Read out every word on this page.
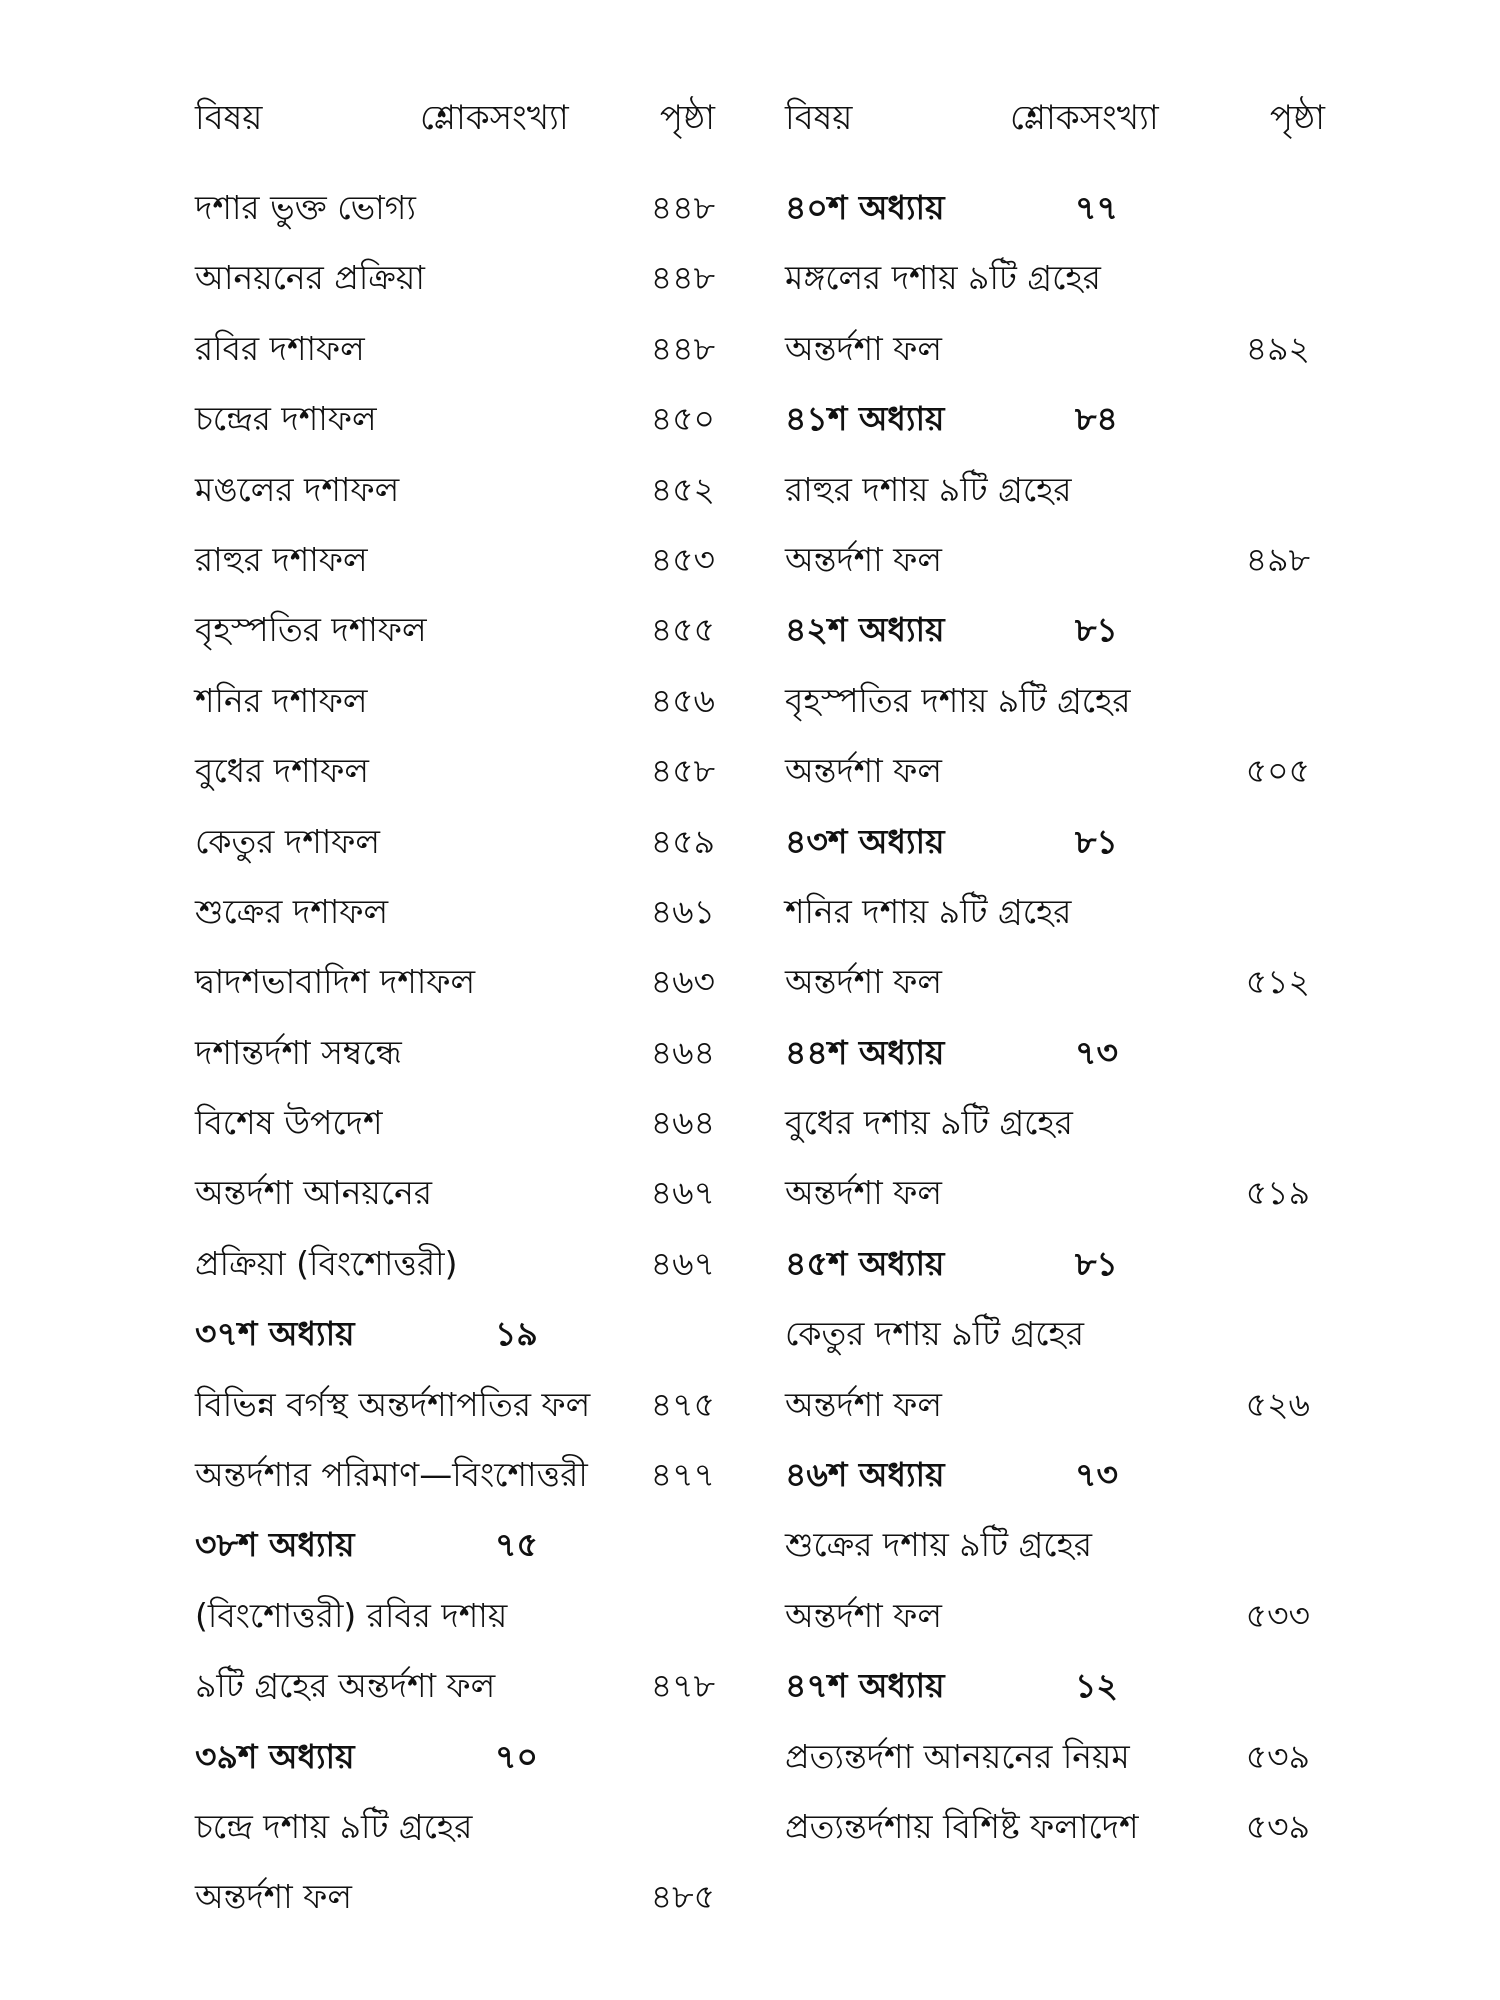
বিষয়	শ্লোকসংখ্যা	পৃষ্ঠা
দশার ভুক্ত ভোগ্য	৪৪৮
আনয়নের প্রক্রিয়া	৪৪৮
রবির দশাফল	৪৪৮
চন্দ্রের দশাফল	৪৫০
মঙলের দশাফল	৪৫২
রাহুর দশাফল	৪৫৩
বৃহস্পতির দশাফল	৪৫৫
শনির দশাফল	৪৫৬
বুধের দশাফল	৪৫৮
কেতুর দশাফল	৪৫৯
শুক্রের দশাফল	৪৬১
দ্বাদশভাবাদিশ দশাফল	৪৬৩
দশান্তর্দশা সম্বন্ধে	৪৬৪
বিশেষ উপদেশ	৪৬৪
অন্তর্দশা আনয়নের	৪৬৭
প্রক্রিয়া (বিংশোত্তরী)	৪৬৭
৩৭শ অধ্যায়	১৯
বিভিন্ন বর্গস্থ অন্তর্দশাপতির ফল ৪৭৫
অন্তর্দশার পরিমাণ—বিংশোত্তরী ৪৭৭
৩৮শ অধ্যায়	৭৫
(বিংশোত্তরী) রবির দশায়
৯টি গ্রহের অন্তর্দশা ফল	৪৭৮
৩৯শ অধ্যায়	৭০
চন্দ্রে দশায় ৯টি গ্রহের
অন্তর্দশা ফল	৪৮৫
বিষয়	শ্লোকসংখ্যা	পৃষ্ঠা
৪০শ অধ্যায়	৭৭
মঙ্গলের দশায় ৯টি গ্রহের
অন্তর্দশা ফল	৪৯২
৪১শ অধ্যায়	৮৪
রাহুর দশায় ৯টি গ্রহের
অন্তর্দশা ফল	৪৯৮
৪২শ অধ্যায়	৮১
বৃহস্পতির দশায় ৯টি গ্রহের
অন্তর্দশা ফল	৫০৫
৪৩শ অধ্যায়	৮১
শনির দশায় ৯টি গ্রহের
অন্তর্দশা ফল	৫১২
৪৪শ অধ্যায়	৭৩
বুধের দশায় ৯টি গ্রহের
অন্তর্দশা ফল	৫১৯
৪৫শ অধ্যায়	৮১
কেতুর দশায় ৯টি গ্রহের
অন্তর্দশা ফল	৫২৬
৪৬শ অধ্যায়	৭৩
শুক্রের দশায় ৯টি গ্রহের
অন্তর্দশা ফল	৫৩৩
৪৭শ অধ্যায়	১২
প্রত্যন্তর্দশা আনয়নের নিয়ম	৫৩৯
প্রত্যন্তর্দশায় বিশিষ্ট ফলাদেশ	৫৩৯
